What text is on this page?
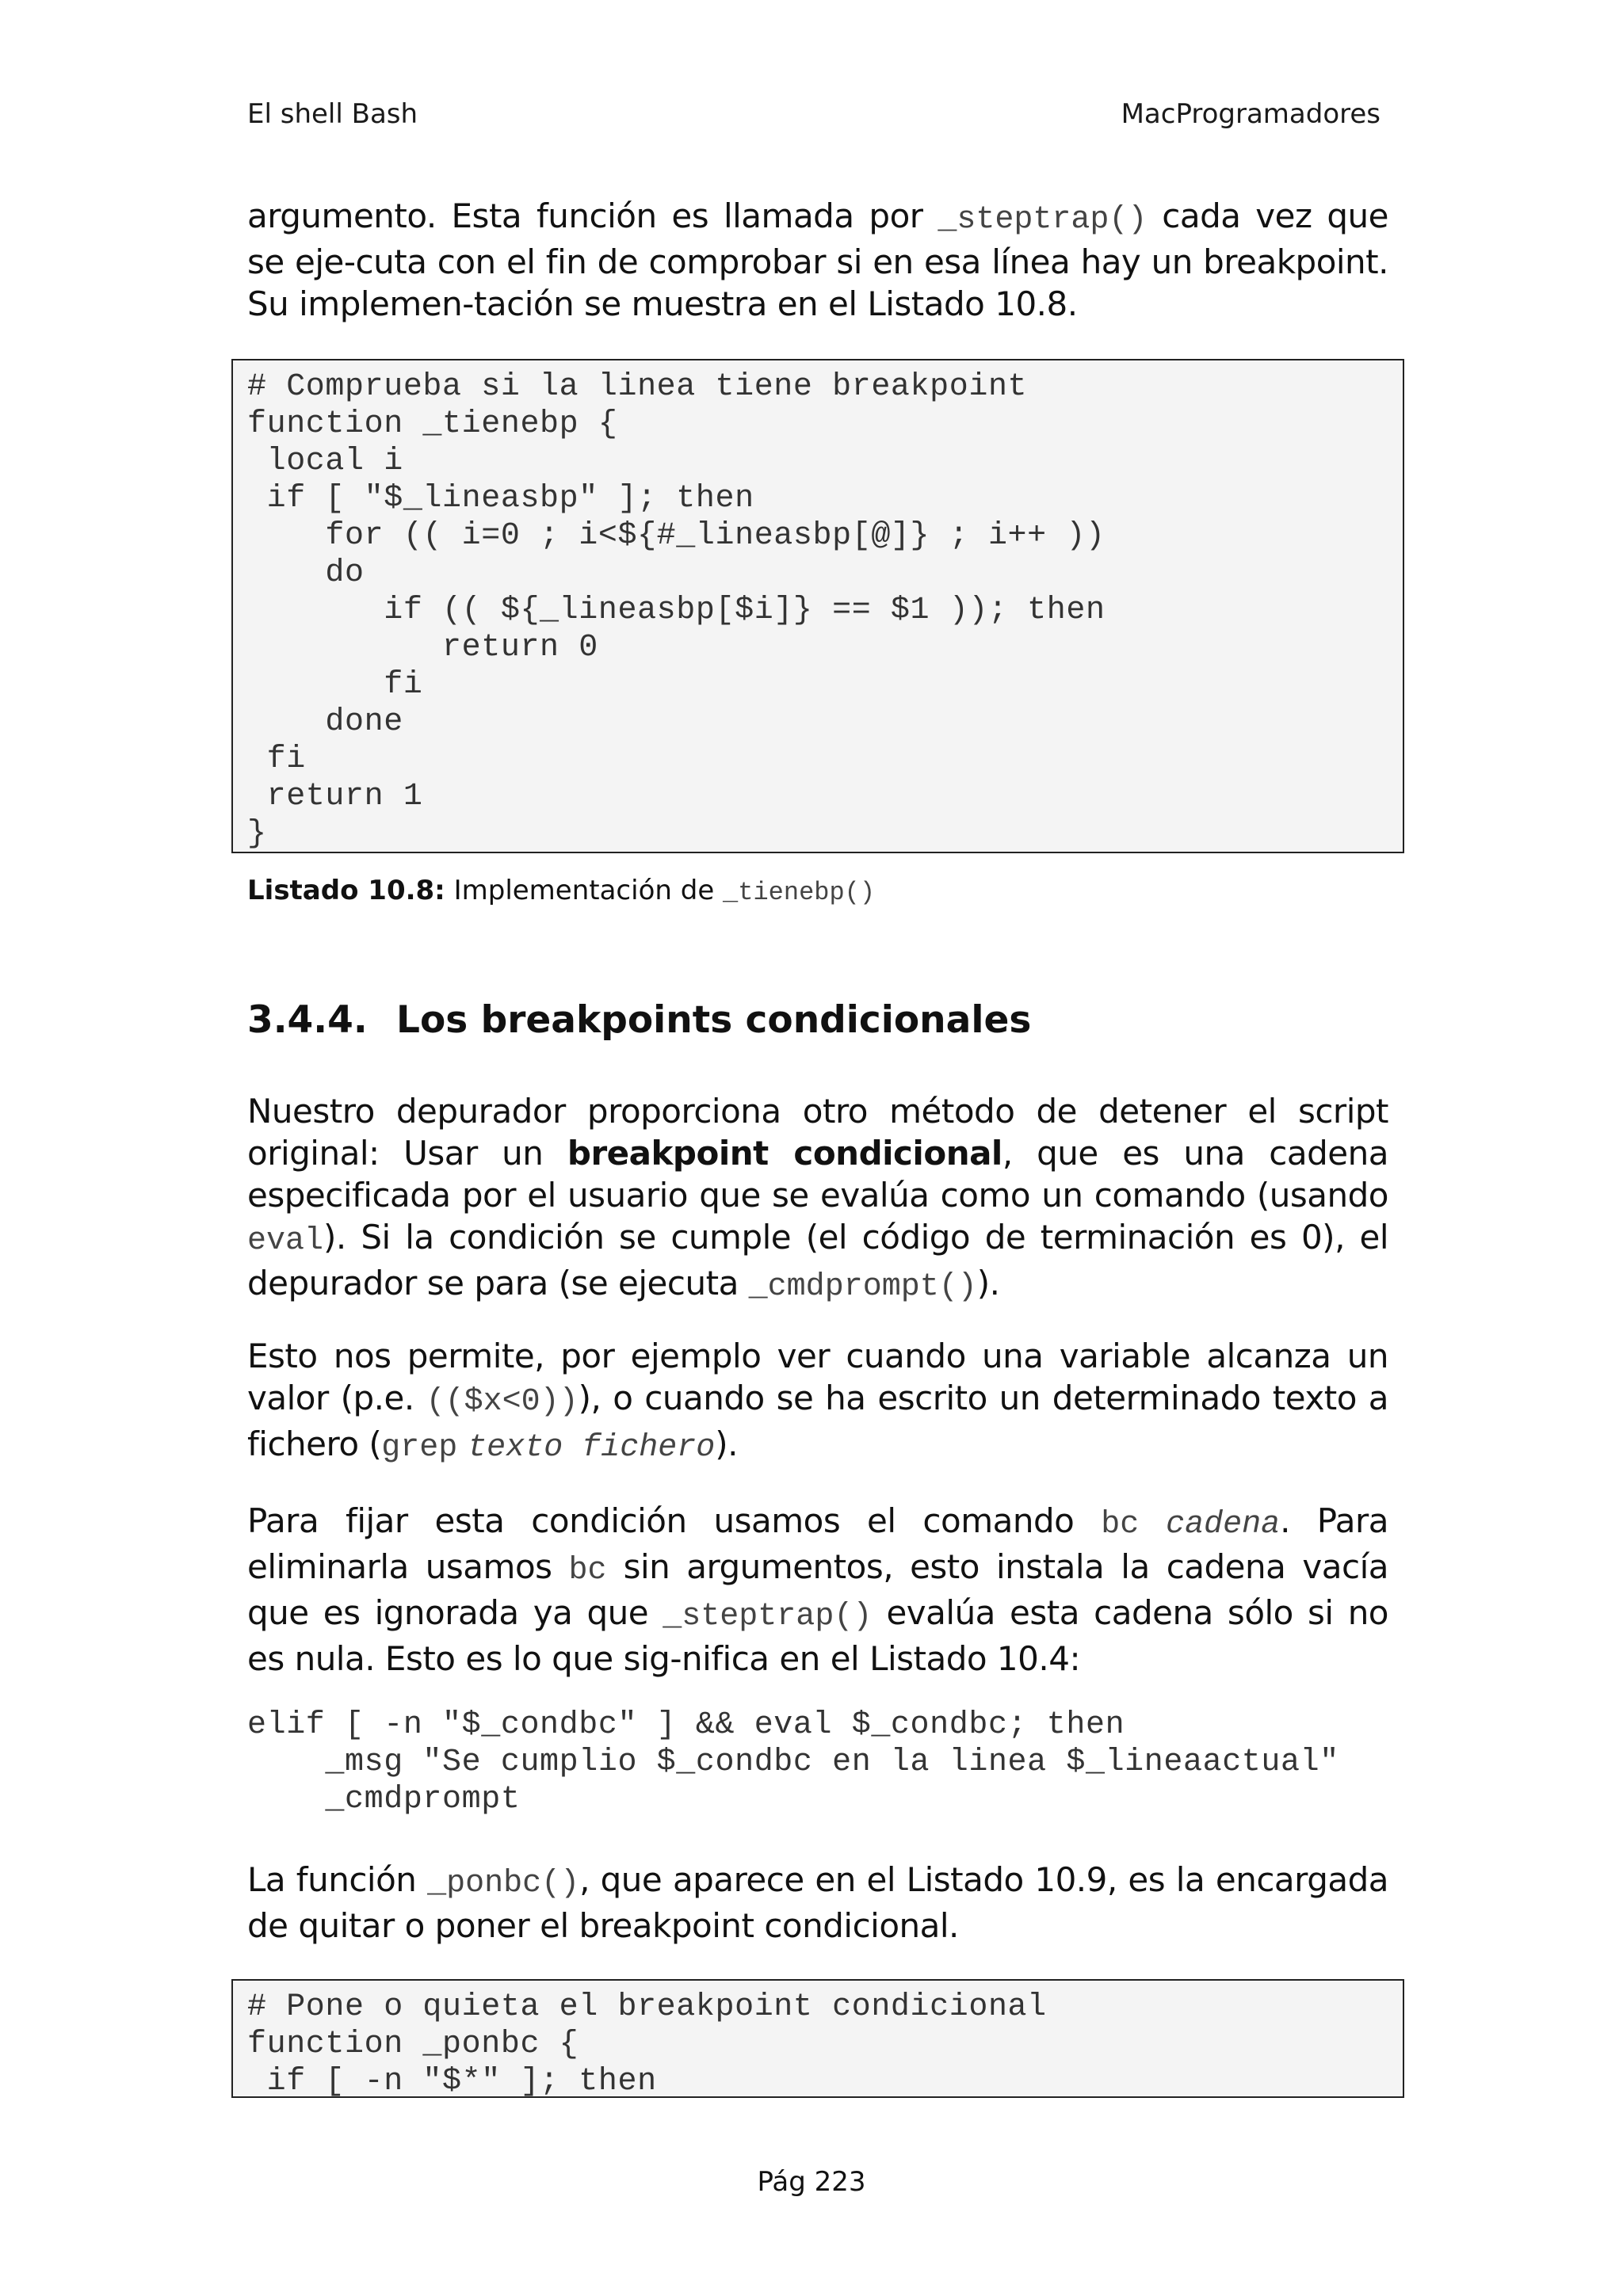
El shell Bash	MacProgramadores

argumento. Esta función es llamada por _steptrap() cada vez que se eje-cuta con el fin de comprobar si en esa línea hay un breakpoint. Su implemen-tación se muestra en el Listado 10.8.

# Comprueba si la linea tiene breakpoint
function _tienebp {
local i
if [ "$_lineasbp" ]; then
for (( i=0 ; i<${#_lineasbp[@]} ; i++ ))
do
if (( ${_lineasbp[$i]} == $1 )); then
return 0
fi
done
fi
return 1
}
Listado 10.8: Implementación de _tienebp()
3.4.4. Los breakpoints condicionales

Nuestro depurador proporciona otro método de detener el script original: Usar un breakpoint condicional, que es una cadena especificada por el usuario que se evalúa como un comando (usando eval). Si la condición se cumple (el código de terminación es 0), el depurador se para (se ejecuta _cmdprompt()).

Esto nos permite, por ejemplo ver cuando una variable alcanza un valor (p.e. (($x<0))), o cuando se ha escrito un determinado texto a fichero (grep texto fichero).

Para fijar esta condición usamos el comando bc cadena. Para eliminarla usamos bc sin argumentos, esto instala la cadena vacía que es ignorada ya que _steptrap() evalúa esta cadena sólo si no es nula. Esto es lo que sig-nifica en el Listado 10.4:

elif [ -n "$_condbc" ] && eval $_condbc; then
_msg "Se cumplio $_condbc en la linea $_lineaactual"
_cmdprompt

La función _ponbc(), que aparece en el Listado 10.9, es la encargada de quitar o poner el breakpoint condicional.

# Pone o quieta el breakpoint condicional
function _ponbc {
if [ -n "$*" ]; then
Pág 223
